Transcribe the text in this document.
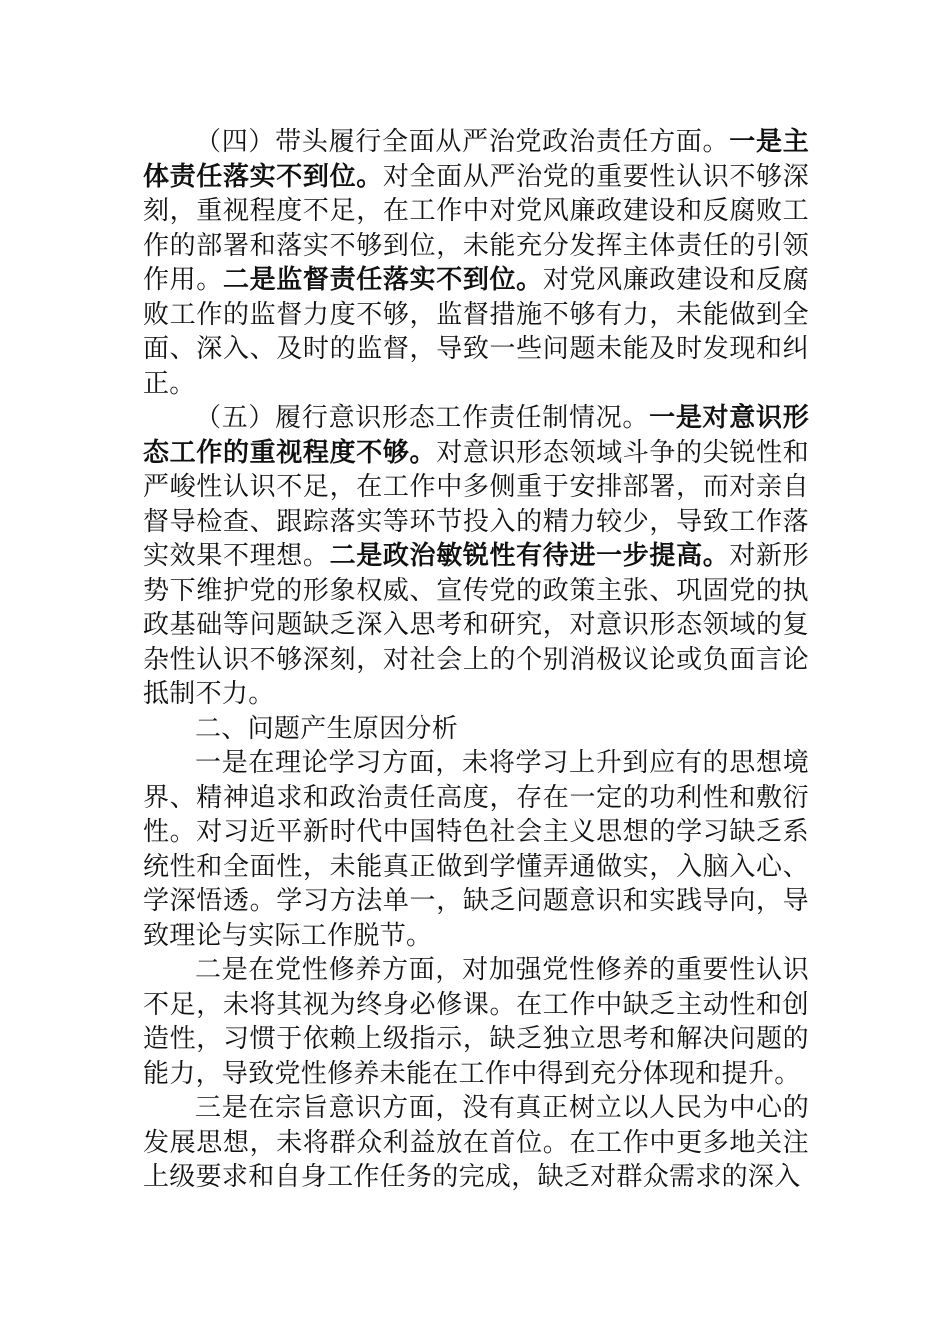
（四）带头履行全面从严治党政治责任方面。一是主体责任落实不到位。对全面从严治党的重要性认识不够深刻，重视程度不足，在工作中对党风廉政建设和反腐败工作的部署和落实不够到位，未能充分发挥主体责任的引领作用。二是监督责任落实不到位。对党风廉政建设和反腐败工作的监督力度不够，监督措施不够有力，未能做到全面、深入、及时的监督，导致一些问题未能及时发现和纠正。

（五）履行意识形态工作责任制情况。一是对意识形态工作的重视程度不够。对意识形态领域斗争的尖锐性和严峻性认识不足，在工作中多侧重于安排部署，而对亲自督导检查、跟踪落实等环节投入的精力较少，导致工作落实效果不理想。二是政治敏锐性有待进一步提高。对新形势下维护党的形象权威、宣传党的政策主张、巩固党的执政基础等问题缺乏深入思考和研究，对意识形态领域的复杂性认识不够深刻，对社会上的个别消极议论或负面言论抵制不力。

二、问题产生原因分析

一是在理论学习方面，未将学习上升到应有的思想境界、精神追求和政治责任高度，存在一定的功利性和敷衍性。对习近平新时代中国特色社会主义思想的学习缺乏系统性和全面性，未能真正做到学懂弄通做实，入脑入心、学深悟透。学习方法单一，缺乏问题意识和实践导向，导致理论与实际工作脱节。

二是在党性修养方面，对加强党性修养的重要性认识不足，未将其视为终身必修课。在工作中缺乏主动性和创造性，习惯于依赖上级指示，缺乏独立思考和解决问题的能力，导致党性修养未能在工作中得到充分体现和提升。

三是在宗旨意识方面，没有真正树立以人民为中心的发展思想，未将群众利益放在首位。在工作中更多地关注上级要求和自身工作任务的完成，缺乏对群众需求的深入
